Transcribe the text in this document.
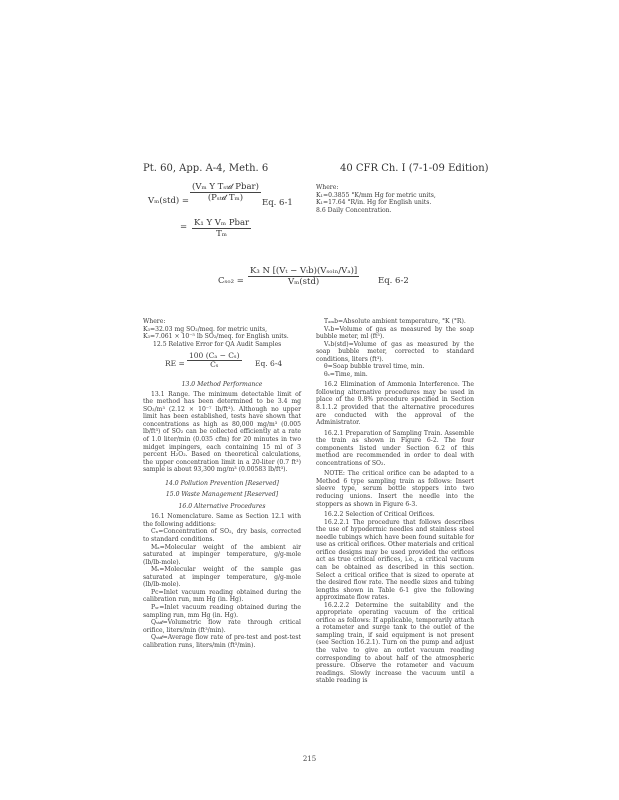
Pt. 60, App. A-4, Meth. 6	40 CFR Ch. I (7-1-09 Edition)
Vₘ(std) =
(Vₘ Y Tₛₜ𝒹 Pbar)
(Pₛₜ𝒹 Tₘ)
= K₁ Y Vₘ Pbar
Tₘ
Eq. 6-1

Where:

K₁=0.3855 °K/mm Hg for metric units,

K₁=17.64 °R/in. Hg for English units.

8.6 Daily Concentration.

Cₛₒ₂ =
K₃ N [(Vₜ − Vₜb)(Vₛₒₗₙ/Vₐ)]
Vₘ(std)	Eq. 6-2

Where:

K₃=32.03 mg SO₂/meq. for metric units,

K₃=7.061 × 10⁻⁵ lb SO₂/meq. for English units.

12.5 Relative Error for QA Audit Samples

RE = $\frac{\text{100 (Cₐ − Cₛ)}}{\text{Cₛ}} Eq$. 6-4

13.0 Method Performance

13.1 Range. The minimum detectable limit of the method has been determined to be 3.4 mg SO₂/m³ (2.12 × 10⁻⁷ lb/ft³). Although no upper limit has been established, tests have shown that concentrations as high as 80,000 mg/m³ (0.005 lb/ft³) of SO₂ can be collected efficiently at a rate of 1.0 liter/min (0.035 cfm) for 20 minutes in two midget impingers, each containing 15 ml of 3 percent H₂O₂. Based on theoretical calculations, the upper concentration limit in a 20-liter (0.7 ft³) sample is about 93,300 mg/m³ (0.00583 lb/ft³).

14.0 Pollution Prevention [Reserved]

15.0 Waste Management [Reserved]

16.0 Alternative Procedures

16.1 Nomenclature. Same as Section 12.1 with the following additions:

Cₓ=Concentration of SO₂, dry basis, corrected to standard conditions.

Mₐ=Molecular weight of the ambient air saturated at impinger temperature, g/g-mole (lb/lb-mole).

Mₛ=Molecular weight of the sample gas saturated at impinger temperature, g/g-mole (lb/lb-mole).

Pc=Inlet vacuum reading obtained during the calibration run, mm Hg (in. Hg).

Pₛᵣ=Inlet vacuum reading obtained during the sampling run, mm Hg (in. Hg).

Qₛₜ𝒹=Volumetric flow rate through critical orifice, liters/min (ft³/min).

Qₛₜ𝒹=Average flow rate of pre-test and post-test calibration runs, liters/min (ft³/min).

Tₐₘb=Absolute ambient temperature, °K (°R).

Vₛb=Volume of gas as measured by the soap bubble meter, ml (ft³).

Vₛb(std)=Volume of gas as measured by the soap bubble meter, corrected to standard conditions, liters (ft³).

θ=Soap bubble travel time, min.

θₛ=Time, min.

16.2 Elimination of Ammonia Interference. The following alternative procedures may be used in place of the 0.8% procedure specified in Section 8.1.1.2 provided that the alternative procedures are conducted with the approval of the Administrator.

16.2.1 Preparation of Sampling Train. Assemble the train as shown in Figure 6-2. The four components listed under Section 6.2 of this method are recommended in order to deal with concentrations of SO₂.

NOTE: The critical orifice can be adapted to a Method 6 type sampling train as follows: Insert sleeve type, serum bottle stoppers into two reducing unions. Insert the needle into the stoppers as shown in Figure 6-3.

16.2.2 Selection of Critical Orifices.

16.2.2.1 The procedure that follows describes the use of hypodermic needles and stainless steel needle tubings which have been found suitable for use as critical orifices. Other materials and critical orifice designs may be used provided the orifices act as true critical orifices, i.e., a critical vacuum can be obtained as described in this section. Select a critical orifice that is sized to operate at the desired flow rate. The needle sizes and tubing lengths shown in Table 6-1 give the following approximate flow rates.

16.2.2.2 Determine the suitability and the appropriate operating vacuum of the critical orifice as follows: If applicable, temporarily attach a rotameter and surge tank to the outlet of the sampling train, if said equipment is not present (see Section 16.2.1). Turn on the pump and adjust the valve to give an outlet vacuum reading corresponding to about half of the atmospheric pressure. Observe the rotameter and vacuum readings. Slowly increase the vacuum until a stable reading is

215
